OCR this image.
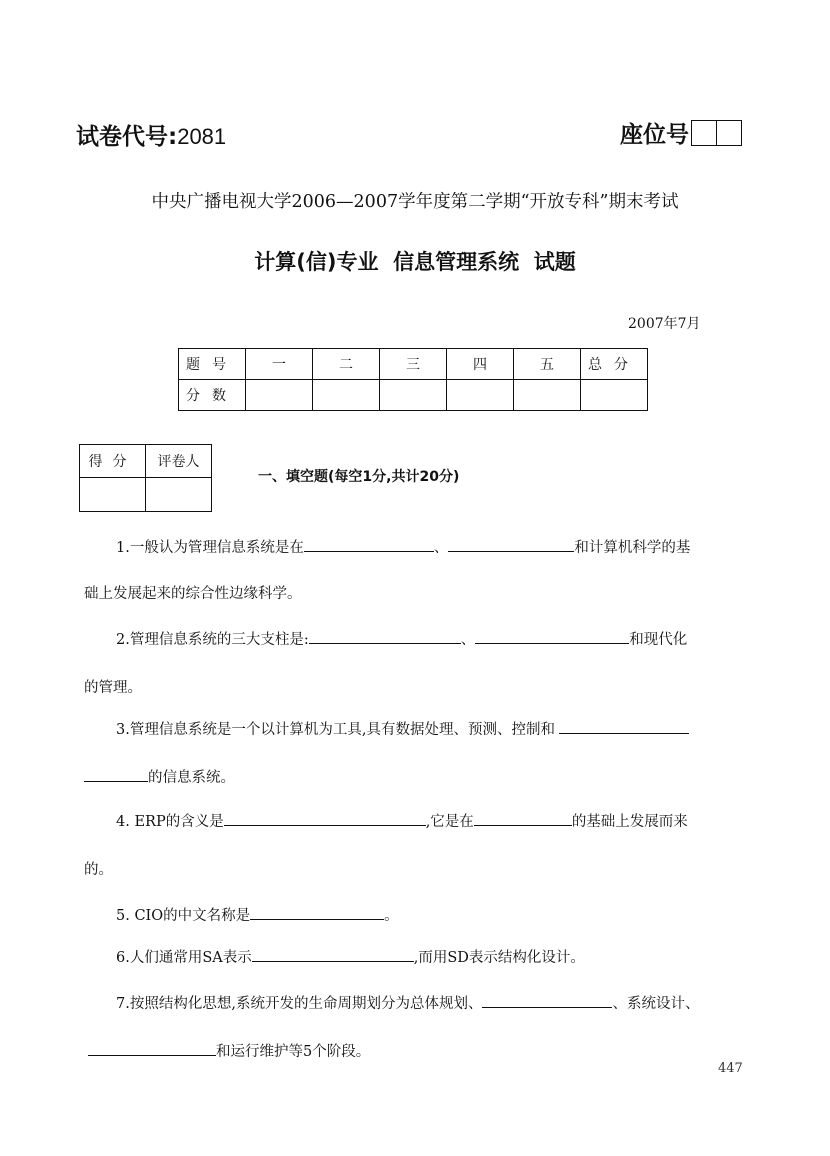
试卷代号:2081	座位号
中央广播电视大学2006—2007学年度第二学期“开放专科”期末考试
计算(信)专业  信息管理系统  试题
2007年7月
题号	一	二	三	四	五	总分
分数						
得分	评卷人

一、填空题(每空1分,共计20分)
1.一般认为管理信息系统是在	、	和计算机科学的基
础上发展起来的综合性边缘科学。
2.管理信息系统的三大支柱是:	、	和现代化
的管理。
3.管理信息系统是一个以计算机为工具,具有数据处理、预测、控制和
的信息系统。
4. ERP的含义是	,它是在	的基础上发展而来
的。
5. CIO的中文名称是	。
6.人们通常用SA表示	,而用SD表示结构化设计。
7.按照结构化思想,系统开发的生命周期划分为总体规划、	、系统设计、
和运行维护等5个阶段。
447
